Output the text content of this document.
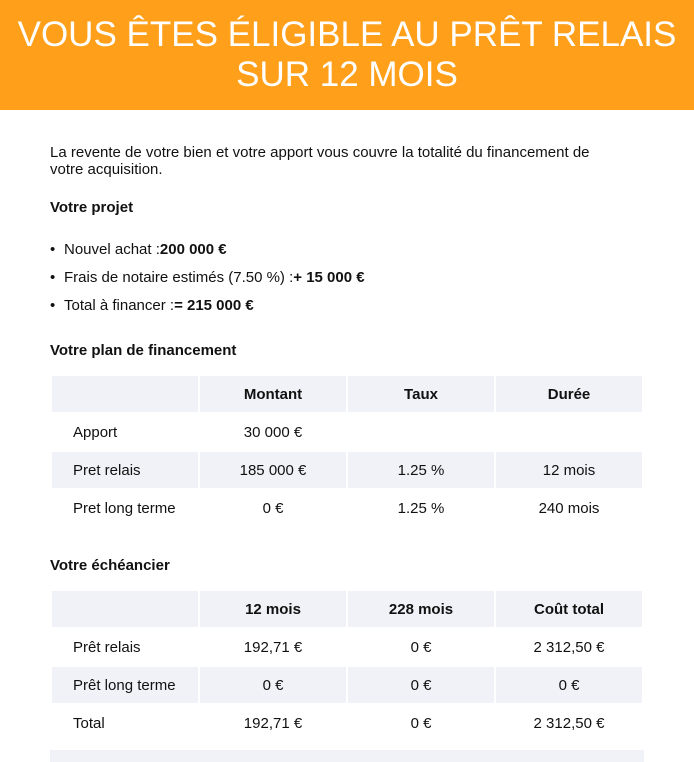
VOUS ÊTES ÉLIGIBLE AU PRÊT RELAIS
SUR 12 MOIS
La revente de votre bien et votre apport vous couvre la totalité du financement de votre acquisition.
Votre projet
• Nouvel achat : 200 000 €
• Frais de notaire estimés (7.50 %) : + 15 000 €
• Total à financer : = 215 000 €
Votre plan de financement
	Montant	Taux	Durée
Apport	30 000 €		
Pret relais	185 000 €	1.25 %	12 mois
Pret long terme	0 €	1.25 %	240 mois
Votre échéancier
	12 mois	228 mois	Coût total
Prêt relais	192,71 €	0 €	2 312,50 €
Prêt long terme	0 €	0 €	0 €
Total	192,71 €	0 €	2 312,50 €
